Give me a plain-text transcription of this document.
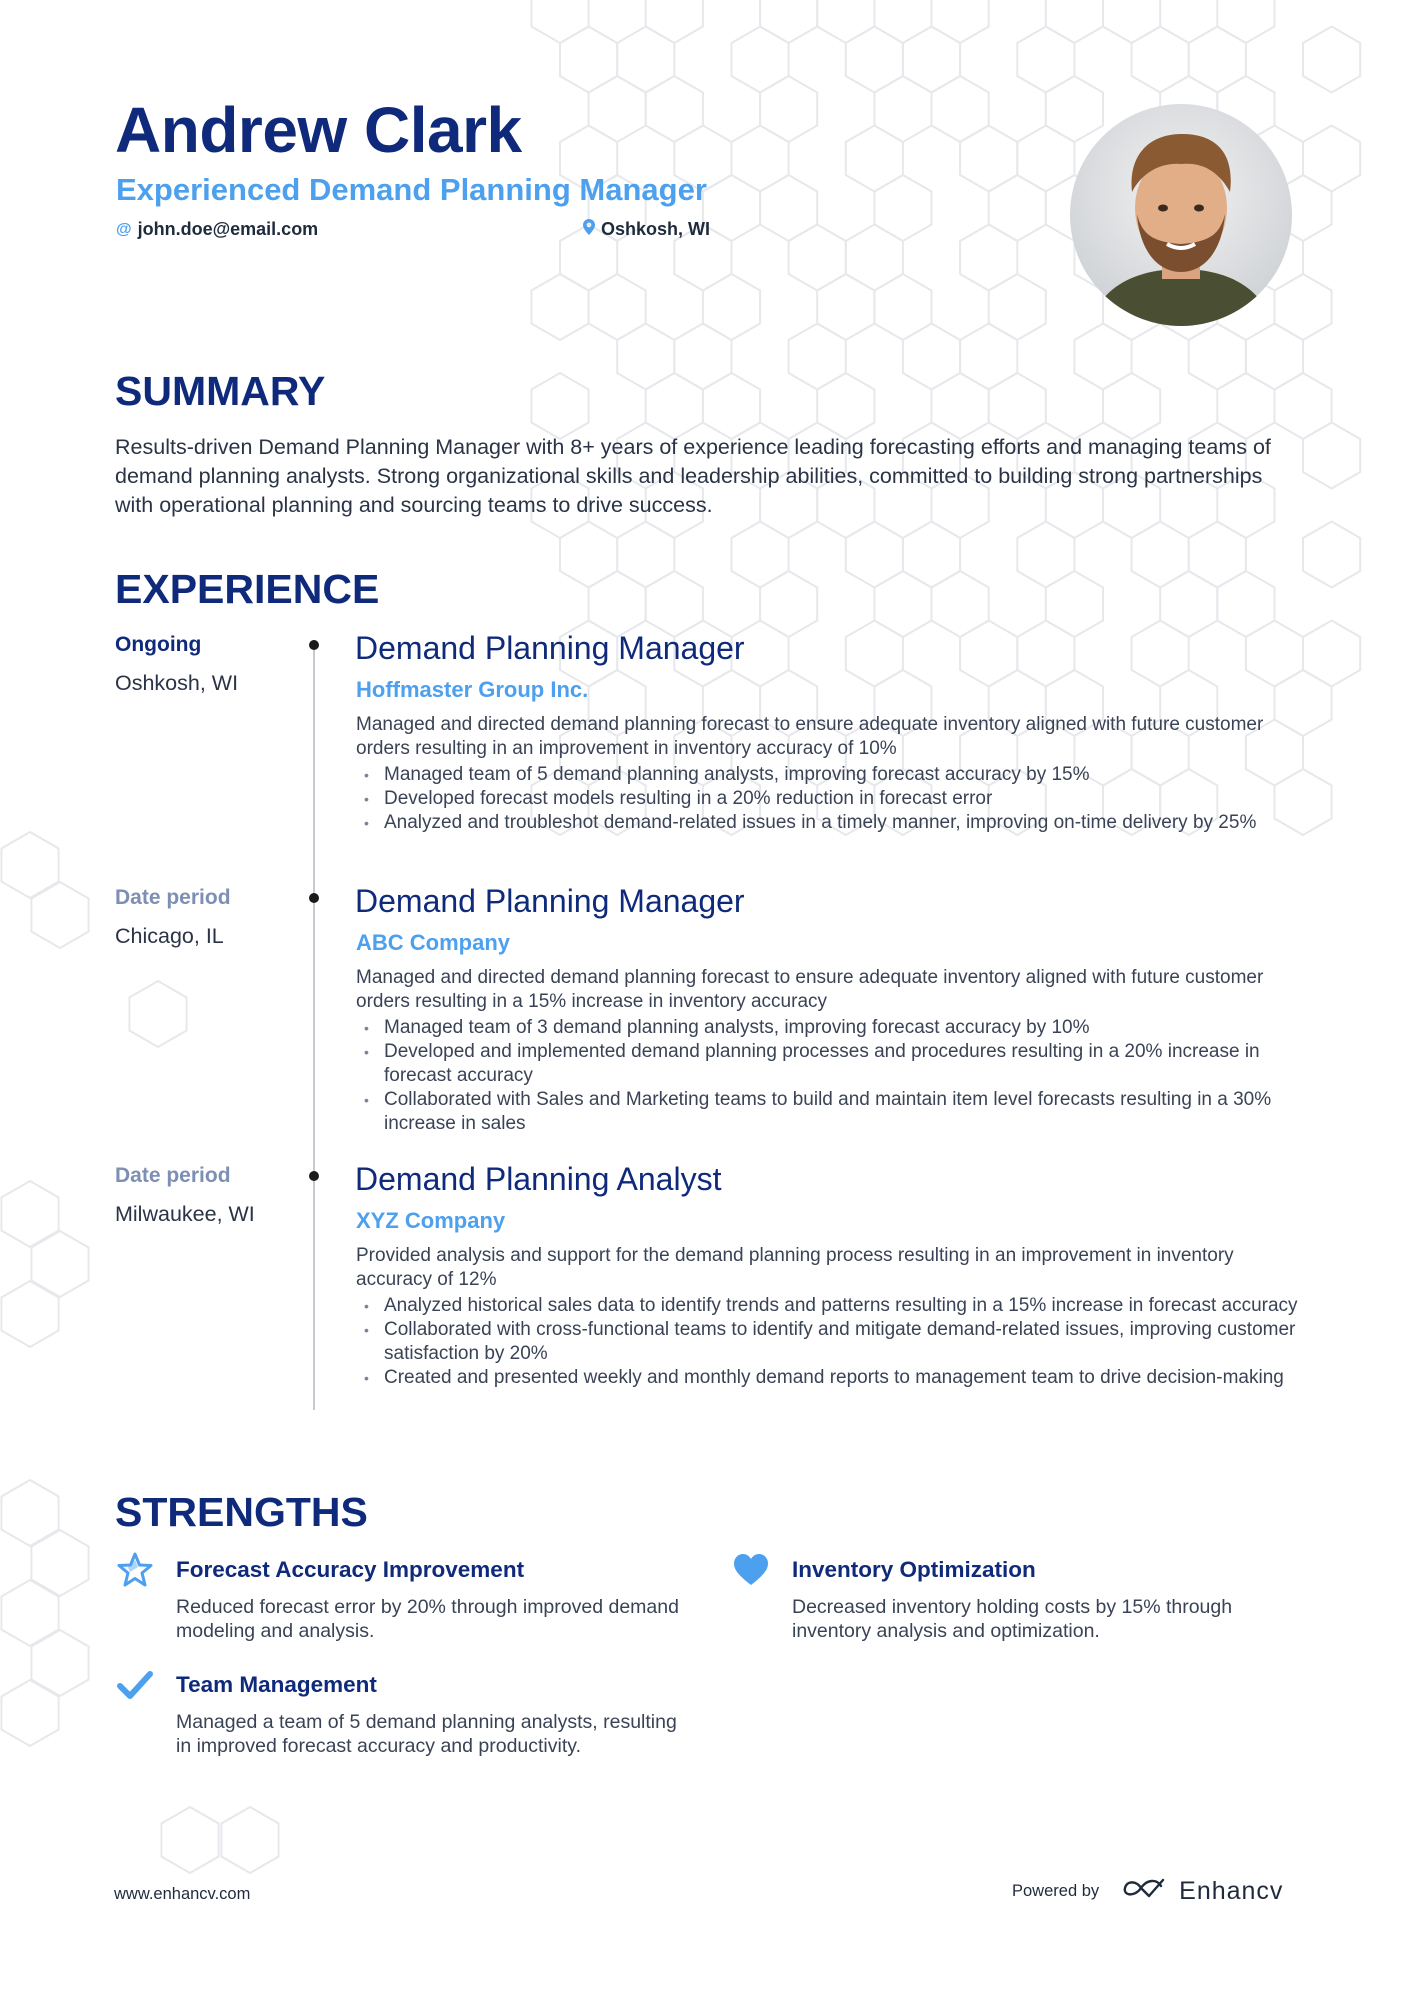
Andrew Clark
Experienced Demand Planning Manager
@ john.doe@email.com	Oshkosh, WI
SUMMARY

Results-driven Demand Planning Manager with 8+ years of experience leading forecasting efforts and managing teams of demand planning analysts. Strong organizational skills and leadership abilities, committed to building strong partnerships with operational planning and sourcing teams to drive success.

EXPERIENCE
Ongoing
Oshkosh, WI
Demand Planning Manager
Hoffmaster Group Inc.

Managed and directed demand planning forecast to ensure adequate inventory aligned with future customer orders resulting in an improvement in inventory accuracy of 10%

• Managed team of 5 demand planning analysts, improving forecast accuracy by 15%
• Developed forecast models resulting in a 20% reduction in forecast error
• Analyzed and troubleshot demand-related issues in a timely manner, improving on-time delivery by 25%
Date period
Chicago, IL
Demand Planning Manager
ABC Company

Managed and directed demand planning forecast to ensure adequate inventory aligned with future customer orders resulting in a 15% increase in inventory accuracy

• Managed team of 3 demand planning analysts, improving forecast accuracy by 10%
• Developed and implemented demand planning processes and procedures resulting in a 20% increase in forecast accuracy
• Collaborated with Sales and Marketing teams to build and maintain item level forecasts resulting in a 30% increase in sales
Date period
Milwaukee, WI
Demand Planning Analyst
XYZ Company

Provided analysis and support for the demand planning process resulting in an improvement in inventory accuracy of 12%

• Analyzed historical sales data to identify trends and patterns resulting in a 15% increase in forecast accuracy
• Collaborated with cross-functional teams to identify and mitigate demand-related issues, improving customer satisfaction by 20%
• Created and presented weekly and monthly demand reports to management team to drive decision-making
STRENGTHS
Forecast Accuracy Improvement

Reduced forecast error by 20% through improved demand modeling and analysis.

Inventory Optimization

Decreased inventory holding costs by 15% through inventory analysis and optimization.

Team Management

Managed a team of 5 demand planning analysts, resulting in improved forecast accuracy and productivity.

www.enhancv.com	Powered by	Enhancv
